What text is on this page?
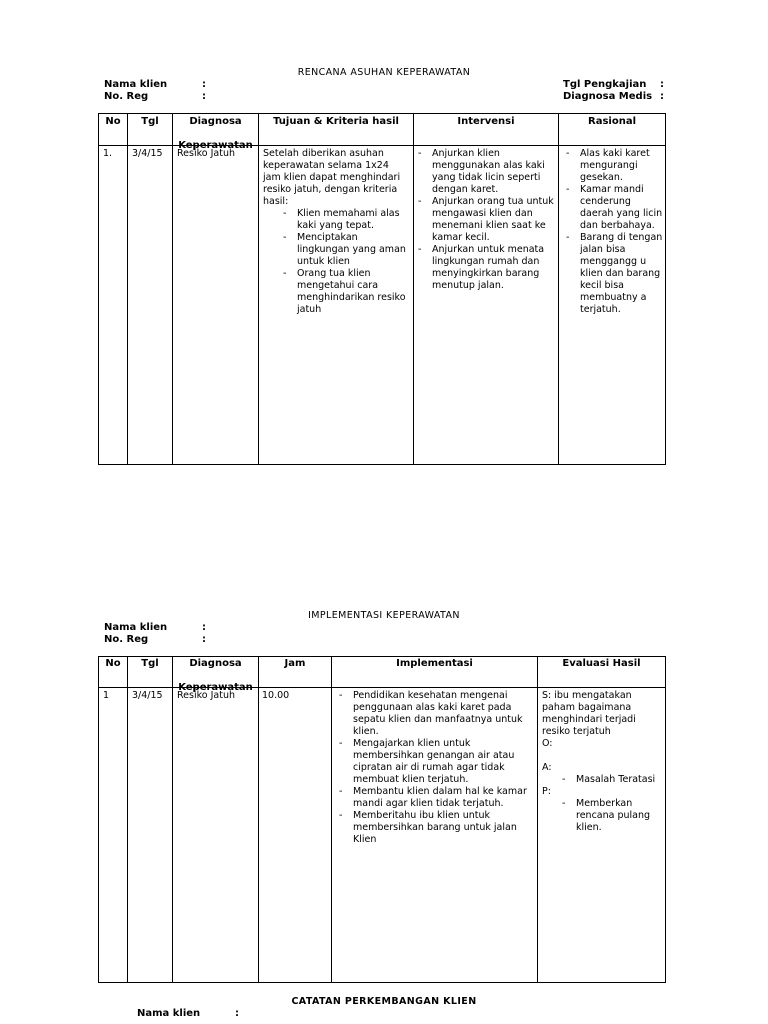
RENCANA ASUHAN KEPERAWATAN
Nama klien	:
No. Reg	:
Tgl Pengkajian :
Diagnosa Medis :
No	Tgl	Diagnosa

Keperawatan
Tujuan & Kriteria hasil	Intervensi	Rasional
1. 3/4/15 Resiko Jatuh	Setelah diberikan asuhan keperawatan selama 1x24 jam klien dapat menghindari resiko jatuh, dengan kriteria hasil:
- Klien memahami alas kaki yang tepat.
- Menciptakan lingkungan yang aman untuk klien
- Orang tua klien mengetahui cara menghindarikan resiko jatuh
- Anjurkan klien menggunakan alas kaki yang tidak licin seperti dengan karet.
- Anjurkan orang tua untuk mengawasi klien dan menemani klien saat ke kamar kecil.
- Anjurkan untuk menata lingkungan rumah dan menyingkirkan barang menutup jalan.
- Alas kaki karet mengurangi gesekan.
- Kamar mandi cenderung daerah yang licin dan berbahaya.
- Barang di tengan jalan bisa menggangg u klien dan barang kecil bisa membuatny a terjatuh.
IMPLEMENTASI KEPERAWATAN
Nama klien	:
No. Reg	:
No	Tgl	Diagnosa

Keperawatan
Jam	Implementasi	Evaluasi Hasil
1 3/4/15 Resiko Jatuh	10.00
-	Pendidikan kesehatan mengenai penggunaan alas kaki karet pada sepatu klien dan manfaatnya untuk klien.
- Mengajarkan klien untuk membersihkan genangan air atau cipratan air di rumah agar tidak membuat klien terjatuh.
- Membantu klien dalam hal ke kamar mandi agar klien tidak terjatuh.
- Memberitahu ibu klien untuk membersihkan barang untuk jalan Klien
S: ibu mengatakan paham bagaimana menghindari terjadi resiko terjatuh
O:
A:
- Masalah Teratasi
P:
- Memberkan rencana pulang klien.
CATATAN PERKEMBANGAN KLIEN
Nama klien	:
